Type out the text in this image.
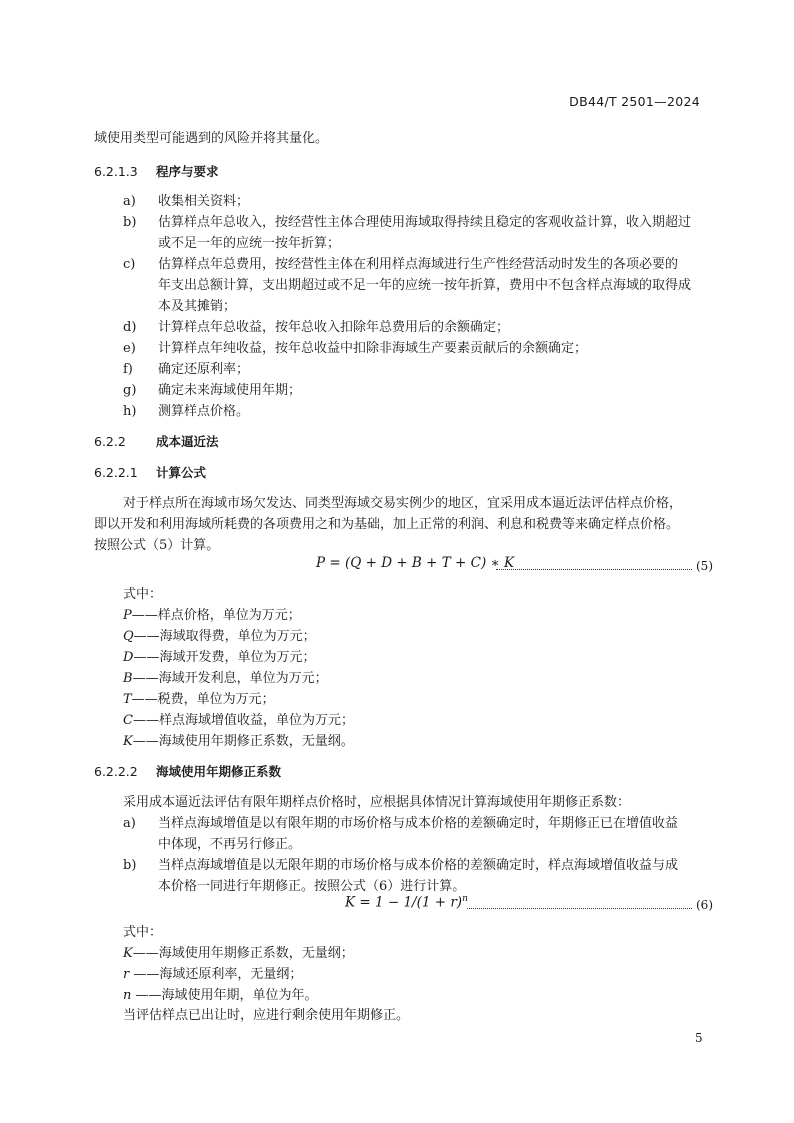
DB44/T 2501—2024
域使用类型可能遇到的风险并将其量化。
6.2.1.3 程序与要求
a)	收集相关资料；
b)	估算样点年总收入，按经营性主体合理使用海域取得持续且稳定的客观收益计算，收入期超过
或不足一年的应统一按年折算；
c)	估算样点年总费用，按经营性主体在利用样点海域进行生产性经营活动时发生的各项必要的
年支出总额计算，支出期超过或不足一年的应统一按年折算，费用中不包含样点海域的取得成
本及其摊销；
d)	计算样点年总收益，按年总收入扣除年总费用后的余额确定；
e)	计算样点年纯收益，按年总收益中扣除非海域生产要素贡献后的余额确定；
f)	确定还原利率；
g)	确定未来海域使用年期；
h)	测算样点价格。
6.2.2 成本逼近法
6.2.2.1 计算公式
对于样点所在海域市场欠发达、同类型海域交易实例少的地区，宜采用成本逼近法评估样点价格，
即以开发和利用海域所耗费的各项费用之和为基础，加上正常的利润、利息和税费等来确定样点价格。
按照公式（5）计算。
P = (Q + D + B + T + C) ∗ K	(5)
式中：
P——样点价格，单位为万元；
Q——海域取得费，单位为万元；
D——海域开发费，单位为万元；
B——海域开发利息，单位为万元；
T——税费，单位为万元；
C——样点海域增值收益，单位为万元；
K——海域使用年期修正系数，无量纲。
6.2.2.2 海域使用年期修正系数
采用成本逼近法评估有限年期样点价格时，应根据具体情况计算海域使用年期修正系数：
a)	当样点海域增值是以有限年期的市场价格与成本价格的差额确定时，年期修正已在增值收益
中体现，不再另行修正。
b)	当样点海域增值是以无限年期的市场价格与成本价格的差额确定时，样点海域增值收益与成
本价格一同进行年期修正。按照公式（6）进行计算。
$K = 1 - 1/(1 + r)^n$	(6)
式中：
K——海域使用年期修正系数，无量纲；
r ——海域还原利率，无量纲；
n ——海域使用年期，单位为年。
当评估样点已出让时，应进行剩余使用年期修正。
5
